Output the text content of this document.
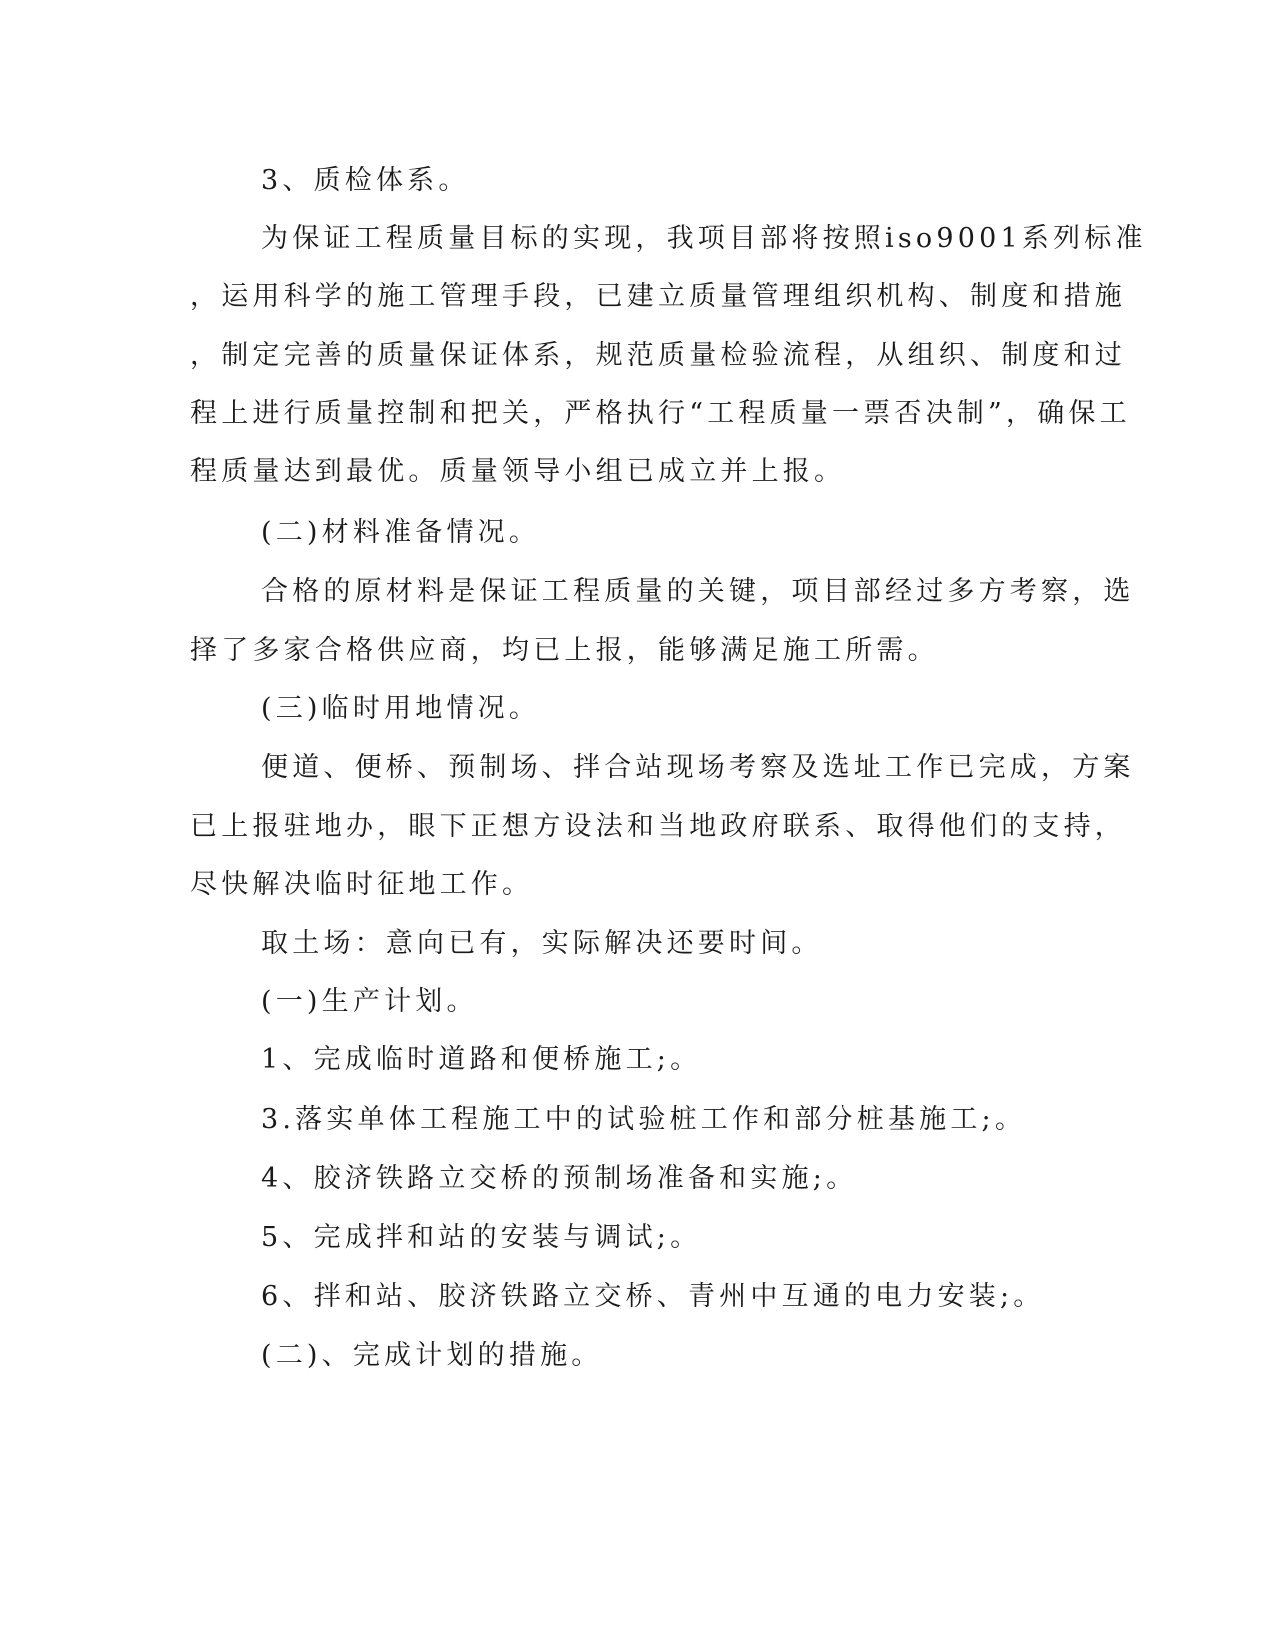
3、质检体系。
为保证工程质量目标的实现，我项目部将按照iso9001系列标准
，运用科学的施工管理手段，已建立质量管理组织机构、制度和措施
，制定完善的质量保证体系，规范质量检验流程，从组织、制度和过
程上进行质量控制和把关，严格执行“工程质量一票否决制”，确保工
程质量达到最优。质量领导小组已成立并上报。
(二)材料准备情况。
合格的原材料是保证工程质量的关键，项目部经过多方考察，选
择了多家合格供应商，均已上报，能够满足施工所需。
(三)临时用地情况。
便道、便桥、预制场、拌合站现场考察及选址工作已完成，方案
已上报驻地办，眼下正想方设法和当地政府联系、取得他们的支持，
尽快解决临时征地工作。
取土场：意向已有，实际解决还要时间。
(一)生产计划。
1、完成临时道路和便桥施工;。
3.落实单体工程施工中的试验桩工作和部分桩基施工;。
4、胶济铁路立交桥的预制场准备和实施;。
5、完成拌和站的安装与调试;。
6、拌和站、胶济铁路立交桥、青州中互通的电力安装;。
(二)、完成计划的措施。
